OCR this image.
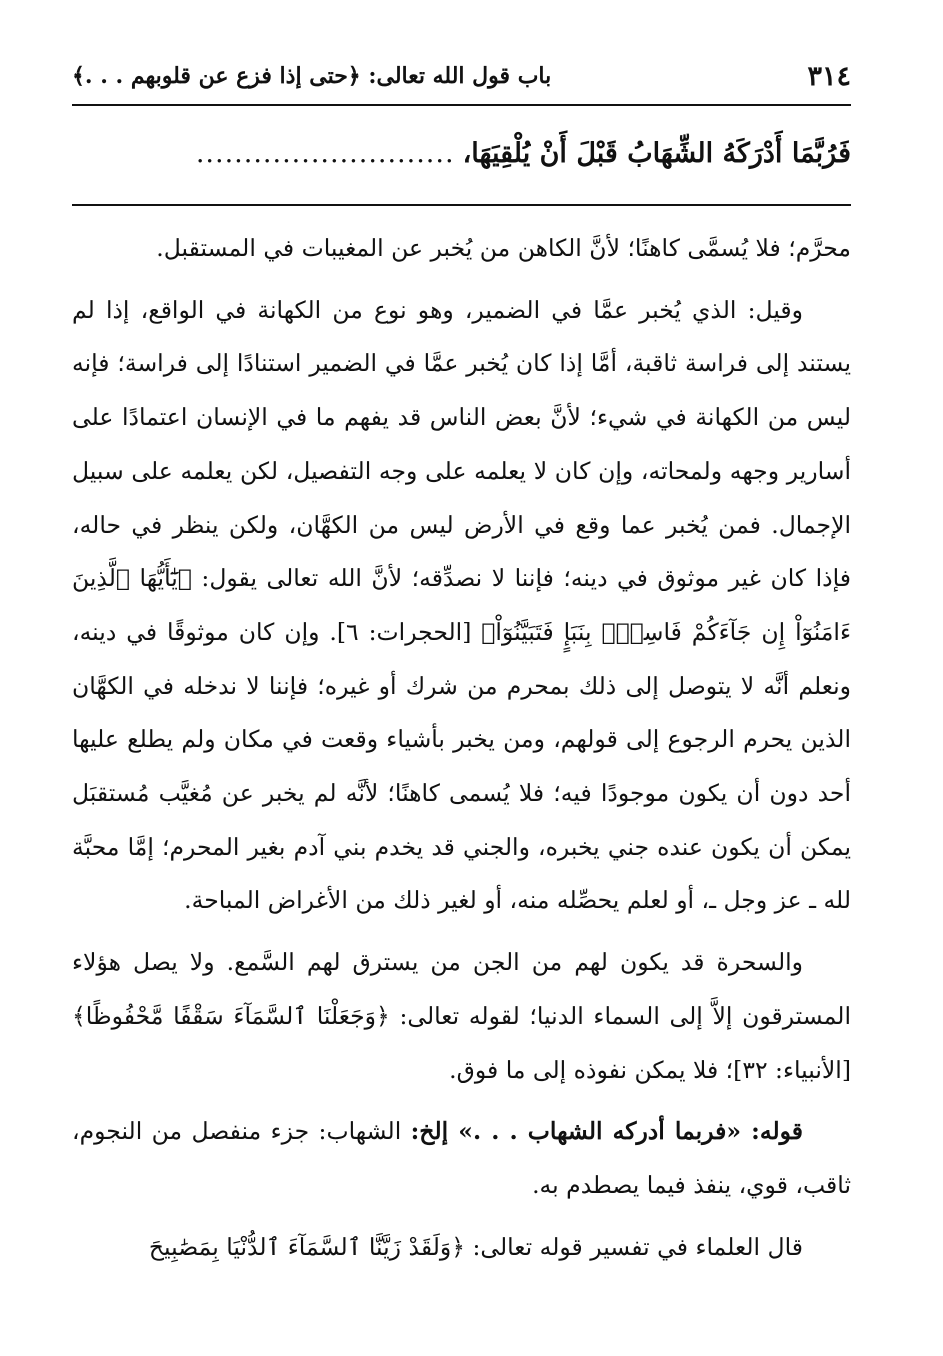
٣١٤
باب قول الله تعالى: ﴿حتى إذا فزع عن قلوبهم . . .﴾
فَرُبَّمَا أَدْرَكَهُ الشِّهَابُ قَبْلَ أَنْ يُلْقِيَهَا،
...........................

محرَّم؛ فلا يُسمَّى كاهنًا؛ لأنَّ الكاهن من يُخبر عن المغيبات في المستقبل.

وقيل: الذي يُخبر عمَّا في الضمير، وهو نوع من الكهانة في الواقع، إذا لم يستند إلى فراسة ثاقبة، أمَّا إذا كان يُخبر عمَّا في الضمير استنادًا إلى فراسة؛ فإنه ليس من الكهانة في شيء؛ لأنَّ بعض الناس قد يفهم ما في الإنسان اعتمادًا على أسارير وجهه ولمحاته، وإن كان لا يعلمه على وجه التفصيل، لكن يعلمه على سبيل الإجمال. فمن يُخبر عما وقع في الأرض ليس من الكهَّان، ولكن ينظر في حاله، فإذا كان غير موثوق في دينه؛ فإننا لا نصدِّقه؛ لأنَّ الله تعالى يقول: ﴿يَٰٓأَيُّهَا ٱلَّذِينَ ءَامَنُوٓاْ إِن جَآءَكُمْ فَاسِقُۢ بِنَبَإٍ فَتَبَيَّنُوٓاْ﴾ [الحجرات: ٦]. وإن كان موثوقًا في دينه، ونعلم أنَّه لا يتوصل إلى ذلك بمحرم من شرك أو غيره؛ فإننا لا ندخله في الكهَّان الذين يحرم الرجوع إلى قولهم، ومن يخبر بأشياء وقعت في مكان ولم يطلع عليها أحد دون أن يكون موجودًا فيه؛ فلا يُسمى كاهنًا؛ لأنَّه لم يخبر عن مُغيَّب مُستقبَل يمكن أن يكون عنده جني يخبره، والجني قد يخدم بني آدم بغير المحرم؛ إمَّا محبَّة لله ـ عز وجل ـ، أو لعلم يحصِّله منه، أو لغير ذلك من الأغراض المباحة.

والسحرة قد يكون لهم من الجن من يسترق لهم السَّمع. ولا يصل هؤلاء المسترقون إلاَّ إلى السماء الدنيا؛ لقوله تعالى: ﴿وَجَعَلْنَا ٱلسَّمَآءَ سَقْفًا مَّحْفُوظًا﴾ [الأنبياء: ٣٢]؛ فلا يمكن نفوذه إلى ما فوق.

قوله: «فربما أدركه الشهاب . . .» إلخ: الشهاب: جزء منفصل من النجوم، ثاقب، قوي، ينفذ فيما يصطدم به.

قال العلماء في تفسير قوله تعالى: ﴿وَلَقَدْ زَيَّنَّا ٱلسَّمَآءَ ٱلدُّنْيَا بِمَصَٰبِيحَ
